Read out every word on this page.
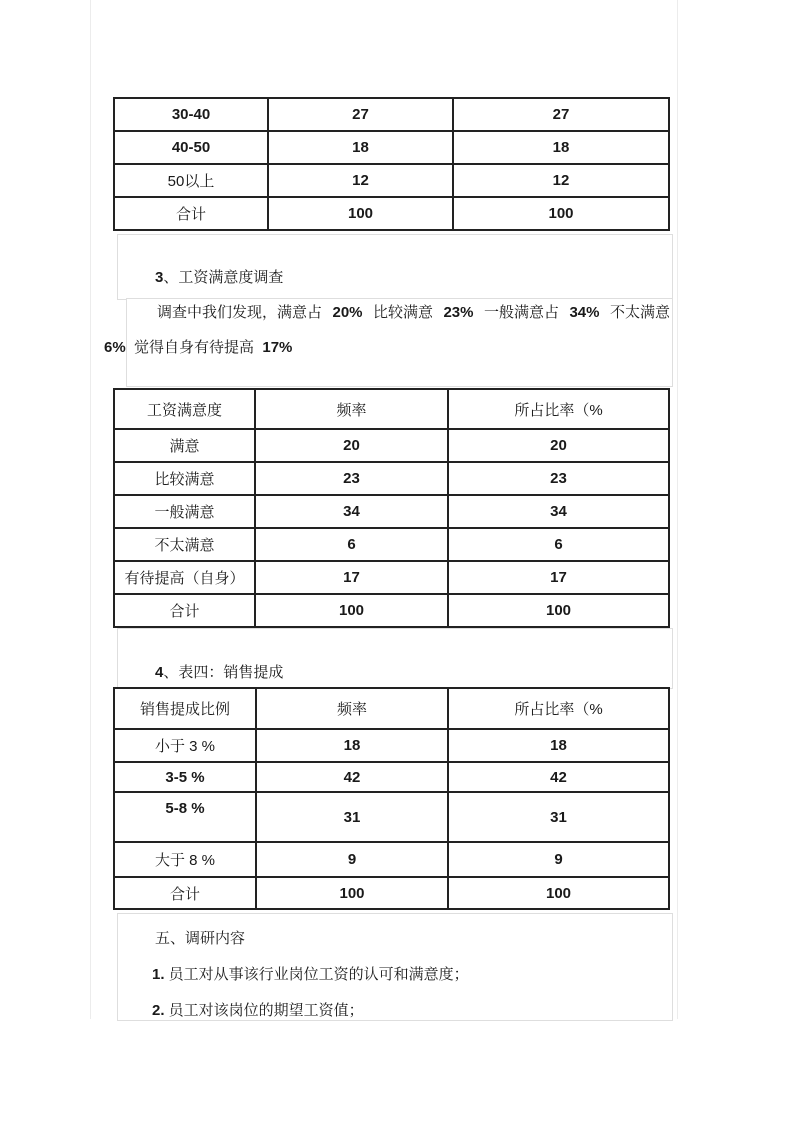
30-40	27	27
40-50	18	18
50以上	12	12
合计	100	100
3、工资满意度调查
调查中我们发现，满意占 20% 比较满意 23% 一般满意占 34% 不太满意
6%  觉得自身有待提高  17%
工资满意度	频率	所占比率（%
满意	20	20
比较满意	23	23
一般满意	34	34
不太满意	6	6
有待提高（自身）	17	17
合计	100	100
4、表四：销售提成
销售提成比例	频率	所占比率（%
小于 3 %	18	18
3-5 %	42	42
5-8 %	31	31
大于 8 %	9	9
合计	100	100
五、调研内容
1. 员工对从事该行业岗位工资的认可和满意度；
2. 员工对该岗位的期望工资值；
